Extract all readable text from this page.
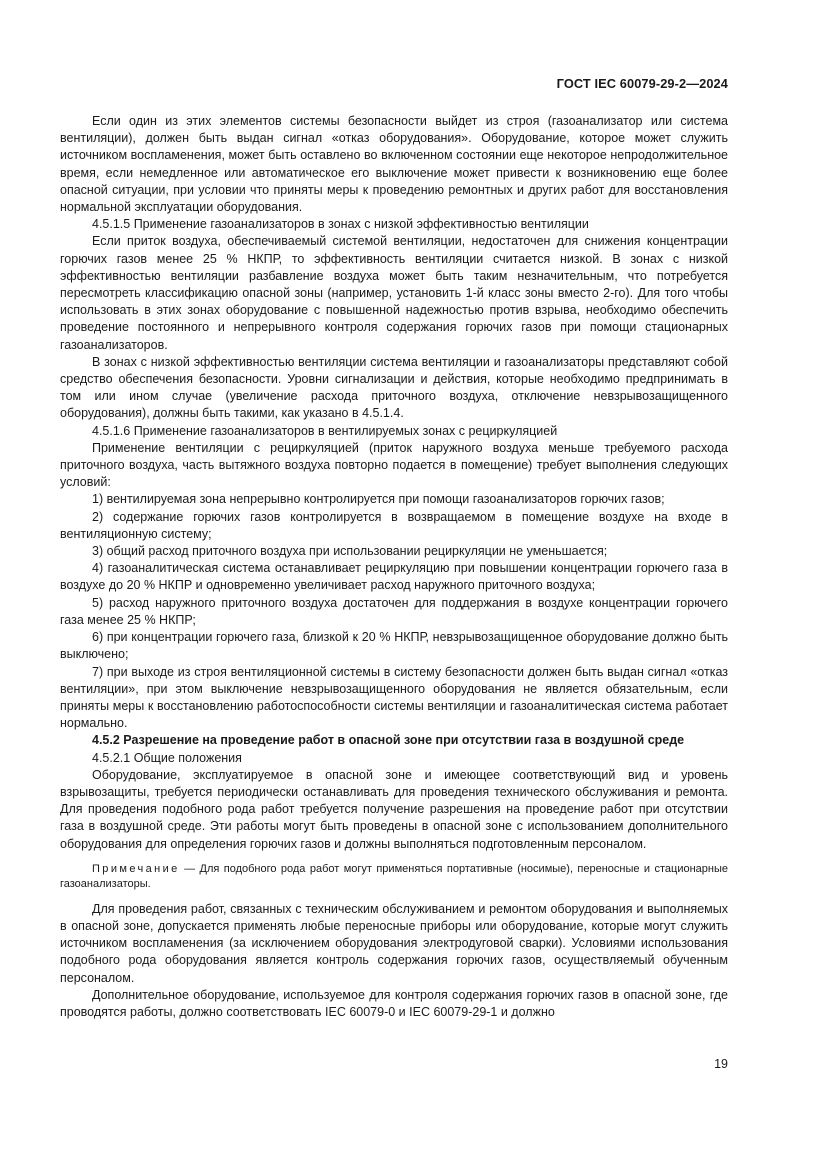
ГОСТ IEC 60079-29-2—2024

Если один из этих элементов системы безопасности выйдет из строя (газоанализатор или система вентиляции), должен быть выдан сигнал «отказ оборудования». Оборудование, которое может служить источником воспламенения, может быть оставлено во включенном состоянии еще некоторое непродолжительное время, если немедленное или автоматическое его выключение может привести к возникновению еще более опасной ситуации, при условии что приняты меры к проведению ремонтных и других работ для восстановления нормальной эксплуатации оборудования.

4.5.1.5 Применение газоанализаторов в зонах с низкой эффективностью вентиляции

Если приток воздуха, обеспечиваемый системой вентиляции, недостаточен для снижения концентрации горючих газов менее 25 % НКПР, то эффективность вентиляции считается низкой. В зонах с низкой эффективностью вентиляции разбавление воздуха может быть таким незначительным, что потребуется пересмотреть классификацию опасной зоны (например, установить 1-й класс зоны вместо 2-го). Для того чтобы использовать в этих зонах оборудование с повышенной надежностью против взрыва, необходимо обеспечить проведение постоянного и непрерывного контроля содержания горючих газов при помощи стационарных газоанализаторов.

В зонах с низкой эффективностью вентиляции система вентиляции и газоанализаторы представляют собой средство обеспечения безопасности. Уровни сигнализации и действия, которые необходимо предпринимать в том или ином случае (увеличение расхода приточного воздуха, отключение невзрывозащищенного оборудования), должны быть такими, как указано в 4.5.1.4.

4.5.1.6 Применение газоанализаторов в вентилируемых зонах с рециркуляцией

Применение вентиляции с рециркуляцией (приток наружного воздуха меньше требуемого расхода приточного воздуха, часть вытяжного воздуха повторно подается в помещение) требует выполнения следующих условий:

1) вентилируемая зона непрерывно контролируется при помощи газоанализаторов горючих газов;

2) содержание горючих газов контролируется в возвращаемом в помещение воздухе на входе в вентиляционную систему;

3) общий расход приточного воздуха при использовании рециркуляции не уменьшается;

4) газоаналитическая система останавливает рециркуляцию при повышении концентрации горючего газа в воздухе до 20 % НКПР и одновременно увеличивает расход наружного приточного воздуха;

5) расход наружного приточного воздуха достаточен для поддержания в воздухе концентрации горючего газа менее 25 % НКПР;

6) при концентрации горючего газа, близкой к 20 % НКПР, невзрывозащищенное оборудование должно быть выключено;

7) при выходе из строя вентиляционной системы в систему безопасности должен быть выдан сигнал «отказ вентиляции», при этом выключение невзрывозащищенного оборудования не является обязательным, если приняты меры к восстановлению работоспособности системы вентиляции и газоаналитическая система работает нормально.

4.5.2 Разрешение на проведение работ в опасной зоне при отсутствии газа в воздушной среде

4.5.2.1 Общие положения

Оборудование, эксплуатируемое в опасной зоне и имеющее соответствующий вид и уровень взрывозащиты, требуется периодически останавливать для проведения технического обслуживания и ремонта. Для проведения подобного рода работ требуется получение разрешения на проведение работ при отсутствии газа в воздушной среде. Эти работы могут быть проведены в опасной зоне с использованием дополнительного оборудования для определения горючих газов и должны выполняться подготовленным персоналом.

Примечание — Для подобного рода работ могут применяться портативные (носимые), переносные и стационарные газоанализаторы.

Для проведения работ, связанных с техническим обслуживанием и ремонтом оборудования и выполняемых в опасной зоне, допускается применять любые переносные приборы или оборудование, которые могут служить источником воспламенения (за исключением оборудования электродуговой сварки). Условиями использования подобного рода оборудования является контроль содержания горючих газов, осуществляемый обученным персоналом.

Дополнительное оборудование, используемое для контроля содержания горючих газов в опасной зоне, где проводятся работы, должно соответствовать IEC 60079-0 и IEC 60079-29-1 и должно

19
